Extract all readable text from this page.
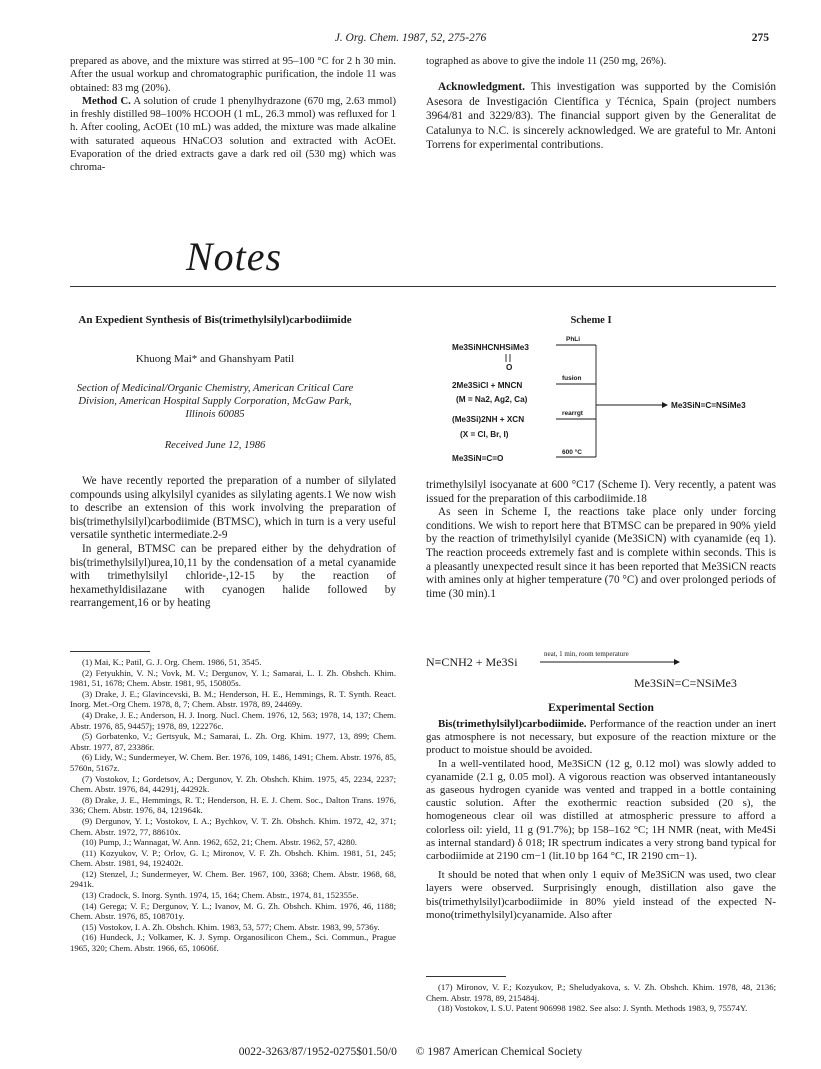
J. Org. Chem. 1987, 52, 275-276	275

prepared as above, and the mixture was stirred at 95–100 °C for 2 h 30 min. After the usual workup and chromatographic purification, the indole 11 was obtained: 83 mg (20%).

Method C. A solution of crude 1 phenylhydrazone (670 mg, 2.63 mmol) in freshly distilled 98–100% HCOOH (1 mL, 26.3 mmol) was refluxed for 1 h. After cooling, AcOEt (10 mL) was added, the mixture was made alkaline with saturated aqueous HNaCO3 solution and extracted with AcOEt. Evaporation of the dried extracts gave a dark red oil (530 mg) which was chroma-

tographed as above to give the indole 11 (250 mg, 26%).

Acknowledgment. This investigation was supported by the Comisión Asesora de Investigación Científica y Técnica, Spain (project numbers 3964/81 and 3229/83). The financial support given by the Generalitat de Catalunya to N.C. is sincerely acknowledged. We are grateful to Mr. Antoni Torrens for experimental contributions.

Notes
An Expedient Synthesis of Bis(trimethylsilyl)carbodiimide
Khuong Mai* and Ghanshyam Patil
Section of Medicinal/Organic Chemistry, American Critical Care Division, American Hospital Supply Corporation, McGaw Park, Illinois 60085
Received June 12, 1986

We have recently reported the preparation of a number of silylated compounds using alkylsilyl cyanides as silylating agents.1 We now wish to describe an extension of this work involving the preparation of bis(trimethylsilyl)carbodiimide (BTMSC), which in turn is a very useful versatile synthetic intermediate.2-9

In general, BTMSC can be prepared either by the dehydration of bis(trimethylsilyl)urea,10,11 by the condensation of a metal cyanamide with trimethylsilyl chloride-,12-15 by the reaction of hexamethyldisilazane with cyanogen halide followed by rearrangement,16 or by heating

(1) Mai, K.; Patil, G. J. Org. Chem. 1986, 51, 3545.

(2) Fetyukhin, V. N.; Vovk, M. V.; Dergunov, Y. I.; Samarai, L. I. Zh. Obshch. Khim. 1981, 51, 1678; Chem. Abstr. 1981, 95, 150805s.

(3) Drake, J. E.; Glavincevski, B. M.; Henderson, H. E., Hemmings, R. T. Synth. React. Inorg. Met.-Org Chem. 1978, 8, 7; Chem. Abstr. 1978, 89, 24469y.

(4) Drake, J. E.; Anderson, H. J. Inorg. Nucl. Chem. 1976, 12, 563; 1978, 14, 137; Chem. Abstr. 1976, 85, 94457j; 1978, 89, 122276c.

(5) Gorbatenko, V.; Gertsyuk, M.; Samarai, L. Zh. Org. Khim. 1977, 13, 899; Chem. Abstr. 1977, 87, 23386r.

(6) Lidy, W.; Sundermeyer, W. Chem. Ber. 1976, 109, 1486, 1491; Chem. Abstr. 1976, 85, 5760n, 5167z.

(7) Vostokov, I.; Gordetsov, A.; Dergunov, Y. Zh. Obshch. Khim. 1975, 45, 2234, 2237; Chem. Abstr. 1976, 84, 44291j, 44292k.

(8) Drake, J. E., Hemmings, R. T.; Henderson, H. E. J. Chem. Soc., Dalton Trans. 1976, 336; Chem. Abstr. 1976, 84, 121964k.

(9) Dergunov, Y. I.; Vostokov, I. A.; Bychkov, V. T. Zh. Obshch. Khim. 1972, 42, 371; Chem. Abstr. 1972, 77, 88610x.

(10) Pump, J.; Wannagat, W. Ann. 1962, 652, 21; Chem. Abstr. 1962, 57, 4280.

(11) Kozyukov, V. P.; Orlov, G. I.; Mironov, V. F. Zh. Obshch. Khim. 1981, 51, 245; Chem. Abstr. 1981, 94, 192402t.

(12) Stenzel, J.; Sundermeyer, W. Chem. Ber. 1967, 100, 3368; Chem. Abstr. 1968, 68, 2941k.

(13) Cradock, S. Inorg. Synth. 1974, 15, 164; Chem. Abstr., 1974, 81, 152355e.

(14) Geregа; V. F.; Dergunov, Y. L.; Ivanov, M. G. Zh. Obshch. Khim. 1976, 46, 1188; Chem. Abstr. 1976, 85, 108701y.

(15) Vostokov, I. A. Zh. Obshch. Khim. 1983, 53, 577; Chem. Abstr. 1983, 99, 5736y.

(16) Hundeck, J.; Volkamer, K. J. Symp. Organosilicon Chem., Sci. Commun., Prague 1965, 320; Chem. Abstr. 1966, 65, 10606f.

Scheme I
Me3SiNHCNHSiMe3
O
2Me3SiCl + MNCN
(M = Na2, Ag2, Ca)
(Me3Si)2NH + XCN
(X = Cl, Br, I)
Me3SiN=C=O
Me3SiN=C=NSiMe3
PhLi
fusion
rearrgt
600 °C

trimethylsilyl isocyanate at 600 °C17 (Scheme I). Very recently, a patent was issued for the preparation of this carbodiimide.18

As seen in Scheme I, the reactions take place only under forcing conditions. We wish to report here that BTMSC can be prepared in 90% yield by the reaction of trimethylsilyl cyanide (Me3SiCN) with cyanamide (eq 1). The reaction proceeds extremely fast and is complete within seconds. This is a pleasantly unexpected result since it has been reported that Me3SiCN reacts with amines only at higher temperature (70 °C) and over prolonged periods of time (30 min).1

N≡CNH2 + Me3Si
neat, 1 min, room temperature
Me3SiN=C=NSiMe3
Experimental Section

Bis(trimethylsilyl)carbodiimide. Performance of the reaction under an inert gas atmosphere is not necessary, but exposure of the reaction mixture or the product to moistue should be avoided.

In a well-ventilated hood, Me3SiCN (12 g, 0.12 mol) was slowly added to cyanamide (2.1 g, 0.05 mol). A vigorous reaction was observed intantaneously as gaseous hydrogen cyanide was vented and trapped in a bottle containing caustic solution. After the exothermic reaction subsided (20 s), the homogeneous clear oil was distilled at atmospheric pressure to afford a colorless oil: yield, 11 g (91.7%); bp 158–162 °C; 1H NMR (neat, with Me4Si as internal standard) δ 018; IR spectrum indicates a very strong band typical for carbodiimide at 2190 cm−1 (lit.10 bp 164 °C, IR 2190 cm−1).

It should be noted that when only 1 equiv of Me3SiCN was used, two clear layers were observed. Surprisingly enough, distillation also gave the bis(trimethylsilyl)carbodiimide in 80% yield instead of the expected N-mono(trimethylsilyl)cyanamide. Also after

(17) Mironov, V. F.; Kozyukov, P.; Sheludyakova, s. V. Zh. Obshch. Khim. 1978, 48, 2136; Chem. Abstr. 1978, 89, 215484j.

(18) Vostokov, I. S.U. Patent 906998 1982. See also: J. Synth. Methods 1983, 9, 75574Y.

0022-3263/87/1952-0275$01.50/0 © 1987 American Chemical Society
